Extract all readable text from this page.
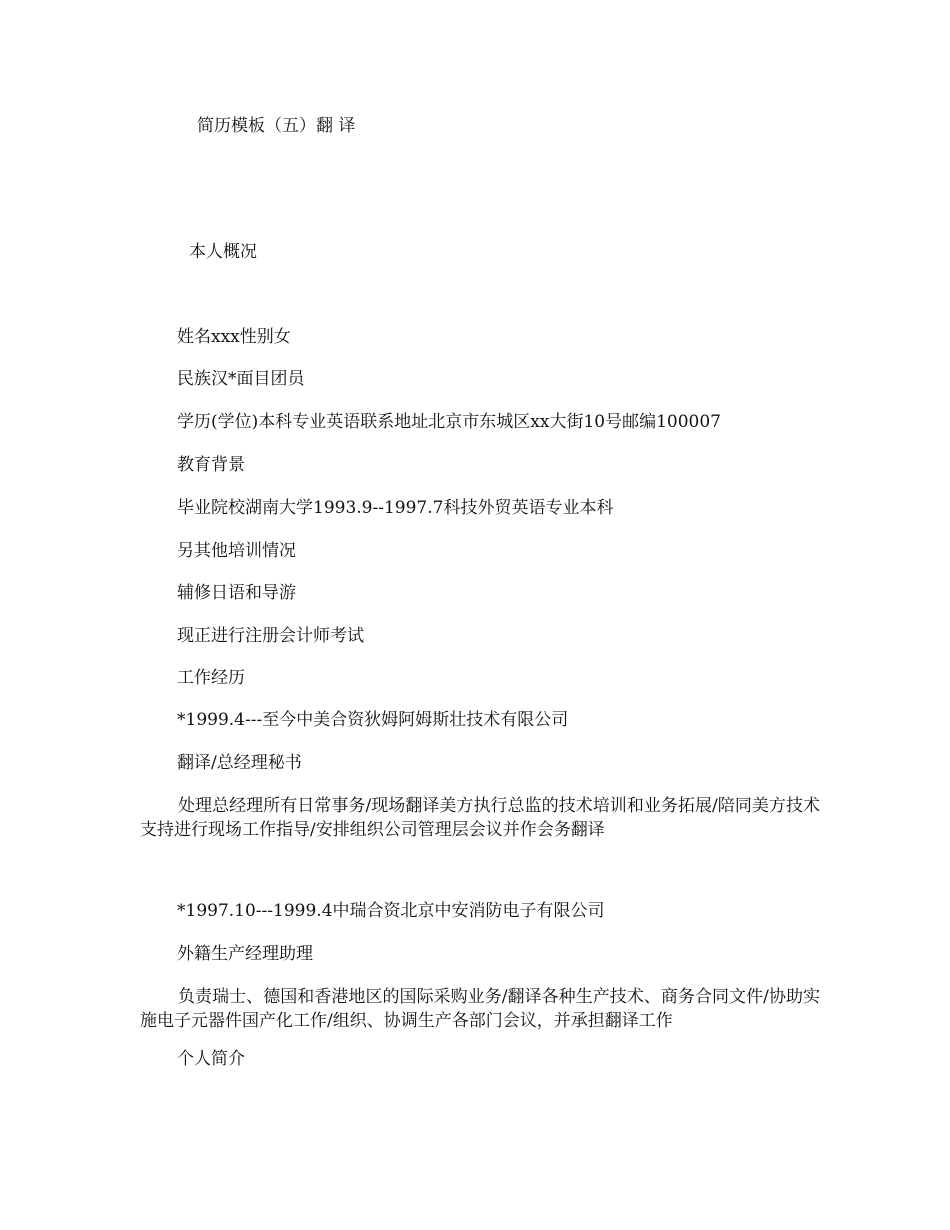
简历模板（五）翻 译

本人概况

姓名xxx性别女

民族汉*面目团员

学历(学位)本科专业英语联系地址北京市东城区xx大街10号邮编100007

教育背景

毕业院校湖南大学1993.9--1997.7科技外贸英语专业本科

另其他培训情况

辅修日语和导游

现正进行注册会计师考试

工作经历

*1999.4---至今中美合资狄姆阿姆斯壮技术有限公司

翻译/总经理秘书

处理总经理所有日常事务/现场翻译美方执行总监的技术培训和业务拓展/陪同美方技术支持进行现场工作指导/安排组织公司管理层会议并作会务翻译

*1997.10---1999.4中瑞合资北京中安消防电子有限公司

外籍生产经理助理

负责瑞士、德国和香港地区的国际采购业务/翻译各种生产技术、商务合同文件/协助实施电子元器件国产化工作/组织、协调生产各部门会议，并承担翻译工作

个人简介
